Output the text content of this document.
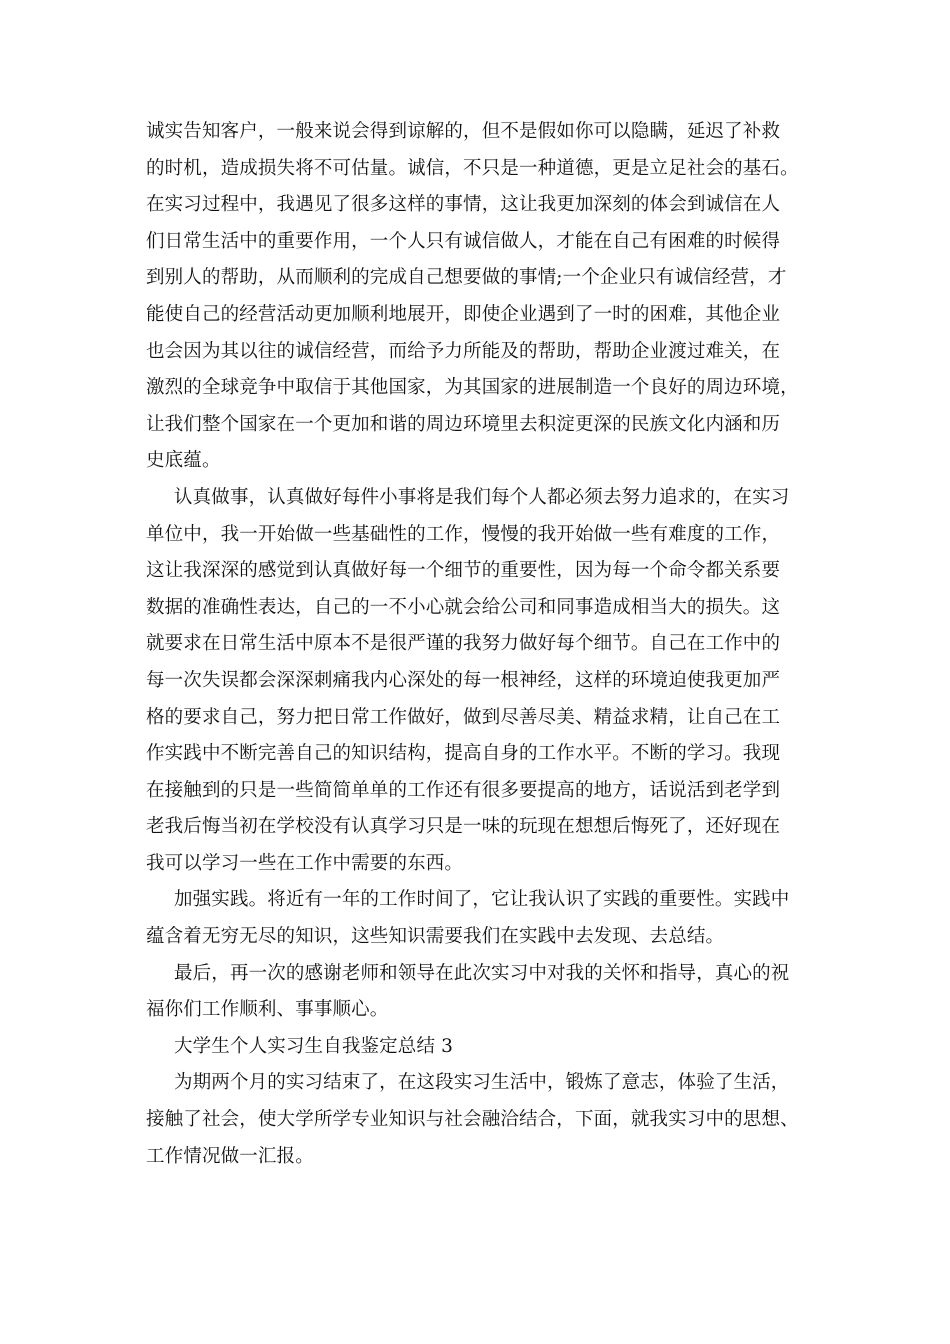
诚实告知客户，一般来说会得到谅解的，但不是假如你可以隐瞒，延迟了补救
的时机，造成损失将不可估量。诚信，不只是一种道德，更是立足社会的基石。
在实习过程中，我遇见了很多这样的事情，这让我更加深刻的体会到诚信在人
们日常生活中的重要作用，一个人只有诚信做人，才能在自己有困难的时候得
到别人的帮助，从而顺利的完成自己想要做的事情;一个企业只有诚信经营，才
能使自己的经营活动更加顺利地展开，即使企业遇到了一时的困难，其他企业
也会因为其以往的诚信经营，而给予力所能及的帮助，帮助企业渡过难关，在
激烈的全球竞争中取信于其他国家，为其国家的进展制造一个良好的周边环境，
让我们整个国家在一个更加和谐的周边环境里去积淀更深的民族文化内涵和历
史底蕴。
认真做事，认真做好每件小事将是我们每个人都必须去努力追求的，在实习
单位中，我一开始做一些基础性的工作，慢慢的我开始做一些有难度的工作，
这让我深深的感觉到认真做好每一个细节的重要性，因为每一个命令都关系要
数据的准确性表达，自己的一不小心就会给公司和同事造成相当大的损失。这
就要求在日常生活中原本不是很严谨的我努力做好每个细节。自己在工作中的
每一次失误都会深深刺痛我内心深处的每一根神经，这样的环境迫使我更加严
格的要求自己，努力把日常工作做好，做到尽善尽美、精益求精，让自己在工
作实践中不断完善自己的知识结构，提高自身的工作水平。不断的学习。我现
在接触到的只是一些简简单单的工作还有很多要提高的地方，话说活到老学到
老我后悔当初在学校没有认真学习只是一味的玩现在想想后悔死了，还好现在
我可以学习一些在工作中需要的东西。
加强实践。将近有一年的工作时间了，它让我认识了实践的重要性。实践中
蕴含着无穷无尽的知识，这些知识需要我们在实践中去发现、去总结。
最后，再一次的感谢老师和领导在此次实习中对我的关怀和指导，真心的祝
福你们工作顺利、事事顺心。
大学生个人实习生自我鉴定总结 3
为期两个月的实习结束了，在这段实习生活中，锻炼了意志，体验了生活，
接触了社会，使大学所学专业知识与社会融洽结合，下面，就我实习中的思想、
工作情况做一汇报。
